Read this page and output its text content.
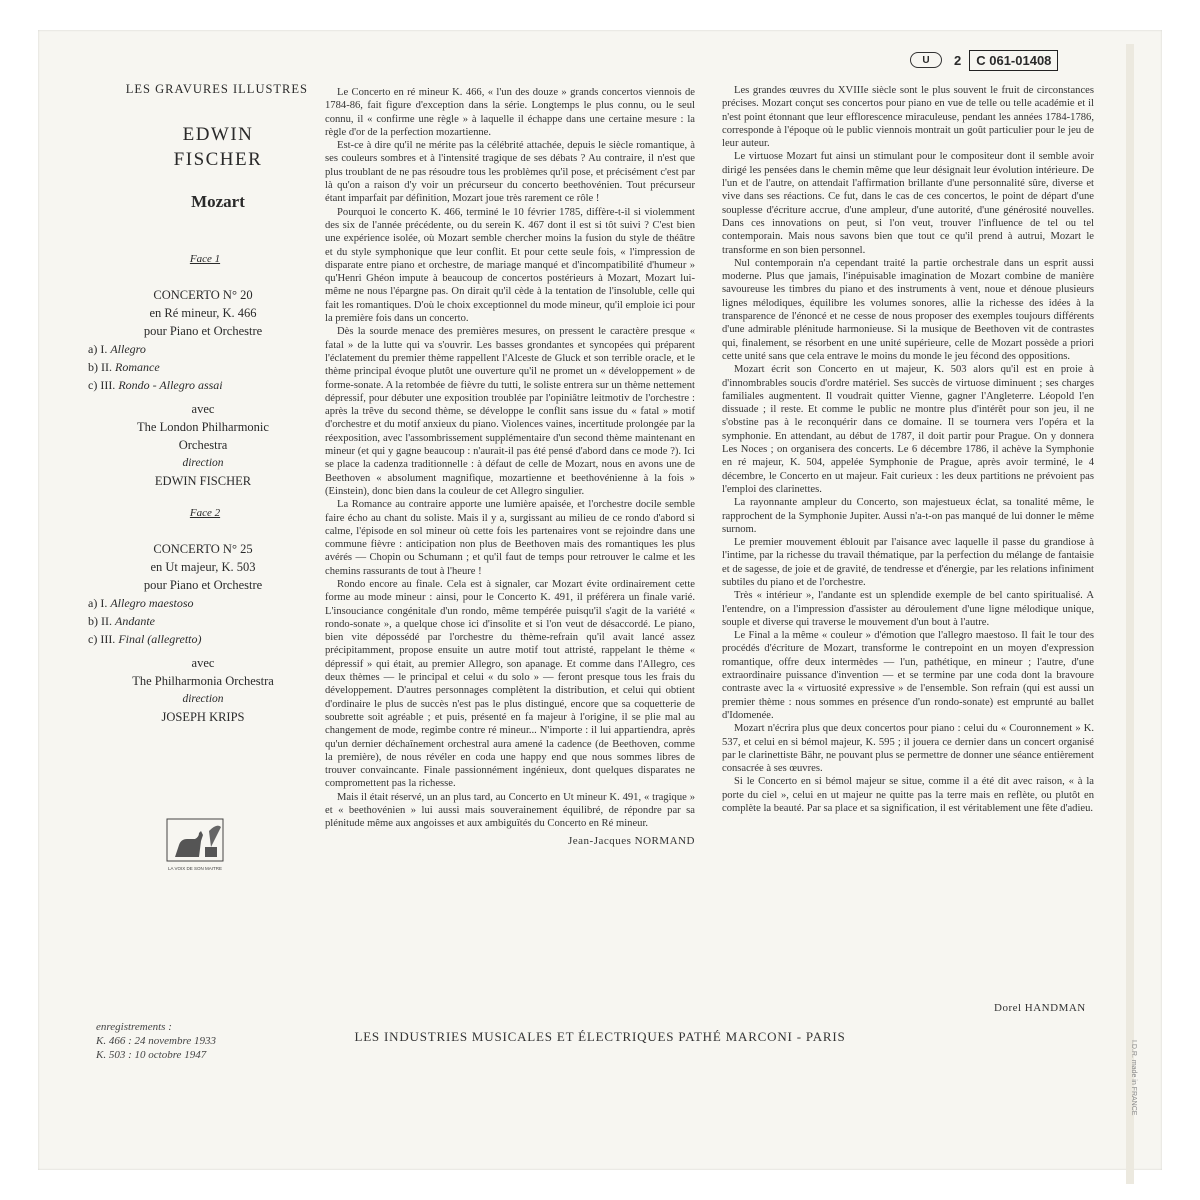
I.D.R. made in FRANCE
U	2	C 061-01408
LES GRAVURES ILLUSTRES
EDWIN
FISCHER
Mozart
Face 1
CONCERTO N° 20
en Ré mineur, K. 466
pour Piano et Orchestre

a) I. Allegro

b) II. Romance

c) III. Rondo - Allegro assai

avec
The London Philharmonic
Orchestra
direction
EDWIN FISCHER
Face 2
CONCERTO N° 25
en Ut majeur, K. 503
pour Piano et Orchestre

a) I. Allegro maestoso

b) II. Andante

c) III. Final (allegretto)

avec
The Philharmonia Orchestra
direction
JOSEPH KRIPS
LA VOIX DE SON MAITRE
enregistrements :
K. 466 : 24 novembre 1933
K. 503 : 10 octobre 1947

Le Concerto en ré mineur K. 466, « l'un des douze » grands concertos viennois de 1784-86, fait figure d'exception dans la série. Longtemps le plus connu, ou le seul connu, il « confirme une règle » à laquelle il échappe dans une certaine mesure : la règle d'or de la perfection mozartienne.

Est-ce à dire qu'il ne mérite pas la célébrité attachée, depuis le siècle romantique, à ses couleurs sombres et à l'intensité tragique de ses débats ? Au contraire, il n'est que plus troublant de ne pas résoudre tous les problèmes qu'il pose, et précisément c'est par là qu'on a raison d'y voir un précurseur du concerto beethovénien. Tout précurseur étant imparfait par définition, Mozart joue très rarement ce rôle !

Pourquoi le concerto K. 466, terminé le 10 février 1785, diffère-t-il si violemment des six de l'année précédente, ou du serein K. 467 dont il est si tôt suivi ? C'est bien une expérience isolée, où Mozart semble chercher moins la fusion du style de théâtre et du style symphonique que leur conflit. Et pour cette seule fois, « l'impression de disparate entre piano et orchestre, de mariage manqué et d'incompatibilité d'humeur » qu'Henri Ghéon impute à beaucoup de concertos postérieurs à Mozart, Mozart lui-même ne nous l'épargne pas. On dirait qu'il cède à la tentation de l'insoluble, celle qui fait les romantiques. D'où le choix exceptionnel du mode mineur, qu'il emploie ici pour la première fois dans un concerto.

Dès la sourde menace des premières mesures, on pressent le caractère presque « fatal » de la lutte qui va s'ouvrir. Les basses grondantes et syncopées qui préparent l'éclatement du premier thème rappellent l'Alceste de Gluck et son terrible oracle, et le thème principal évoque plutôt une ouverture qu'il ne promet un « développement » de forme-sonate. A la retombée de fièvre du tutti, le soliste entrera sur un thème nettement dépressif, pour débuter une exposition troublée par l'opiniâtre leitmotiv de l'orchestre : après la trêve du second thème, se développe le conflit sans issue du « fatal » motif d'orchestre et du motif anxieux du piano. Violences vaines, incertitude prolongée par la réexposition, avec l'assombrissement supplémentaire d'un second thème maintenant en mineur (et qui y gagne beaucoup : n'aurait-il pas été pensé d'abord dans ce mode ?). Ici se place la cadenza traditionnelle : à défaut de celle de Mozart, nous en avons une de Beethoven « absolument magnifique, mozartienne et beethovénienne à la fois » (Einstein), donc bien dans la couleur de cet Allegro singulier.

La Romance au contraire apporte une lumière apaisée, et l'orchestre docile semble faire écho au chant du soliste. Mais il y a, surgissant au milieu de ce rondo d'abord si calme, l'épisode en sol mineur où cette fois les partenaires vont se rejoindre dans une commune fièvre : anticipation non plus de Beethoven mais des romantiques les plus avérés — Chopin ou Schumann ; et qu'il faut de temps pour retrouver le calme et les chemins rassurants de tout à l'heure !

Rondo encore au finale. Cela est à signaler, car Mozart évite ordinairement cette forme au mode mineur : ainsi, pour le Concerto K. 491, il préférera un finale varié. L'insouciance congénitale d'un rondo, même tempérée puisqu'il s'agit de la variété « rondo-sonate », a quelque chose ici d'insolite et si l'on veut de désaccordé. Le piano, bien vite dépossédé par l'orchestre du thème-refrain qu'il avait lancé assez précipitamment, propose ensuite un autre motif tout attristé, rappelant le thème « dépressif » qui était, au premier Allegro, son apanage. Et comme dans l'Allegro, ces deux thèmes — le principal et celui « du solo » — feront presque tous les frais du développement. D'autres personnages complètent la distribution, et celui qui obtient d'ordinaire le plus de succès n'est pas le plus distingué, encore que sa coquetterie de soubrette soit agréable ; et puis, présenté en fa majeur à l'origine, il se plie mal au changement de mode, regimbe contre ré mineur... N'importe : il lui appartiendra, après qu'un dernier déchaînement orchestral aura amené la cadence (de Beethoven, comme la première), de nous révéler en coda une happy end que nous sommes libres de trouver convaincante. Finale passionnément ingénieux, dont quelques disparates ne compromettent pas la richesse.

Mais il était réservé, un an plus tard, au Concerto en Ut mineur K. 491, « tragique » et « beethovénien » lui aussi mais souverainement équilibré, de répondre par sa plénitude même aux angoisses et aux ambiguïtés du Concerto en Ré mineur.

Jean-Jacques NORMAND

Les grandes œuvres du XVIIIe siècle sont le plus souvent le fruit de circonstances précises. Mozart conçut ses concertos pour piano en vue de telle ou telle académie et il n'est point étonnant que leur efflorescence miraculeuse, pendant les années 1784-1786, corresponde à l'époque où le public viennois montrait un goût particulier pour le jeu de leur auteur.

Le virtuose Mozart fut ainsi un stimulant pour le compositeur dont il semble avoir dirigé les pensées dans le chemin même que leur désignait leur évolution intérieure. De l'un et de l'autre, on attendait l'affirmation brillante d'une personnalité sûre, diverse et vive dans ses réactions. Ce fut, dans le cas de ces concertos, le point de départ d'une souplesse d'écriture accrue, d'une ampleur, d'une autorité, d'une générosité nouvelles. Dans ces innovations on peut, si l'on veut, trouver l'influence de tel ou tel contemporain. Mais nous savons bien que tout ce qu'il prend à autrui, Mozart le transforme en son bien personnel.

Nul contemporain n'a cependant traité la partie orchestrale dans un esprit aussi moderne. Plus que jamais, l'inépuisable imagination de Mozart combine de manière savoureuse les timbres du piano et des instruments à vent, noue et dénoue plusieurs lignes mélodiques, équilibre les volumes sonores, allie la richesse des idées à la transparence de l'énoncé et ne cesse de nous proposer des exemples toujours différents d'une admirable plénitude harmonieuse. Si la musique de Beethoven vit de contrastes qui, finalement, se résorbent en une unité supérieure, celle de Mozart possède a priori cette unité sans que cela entrave le moins du monde le jeu fécond des oppositions.

Mozart écrit son Concerto en ut majeur, K. 503 alors qu'il est en proie à d'innombrables soucis d'ordre matériel. Ses succès de virtuose diminuent ; ses charges familiales augmentent. Il voudrait quitter Vienne, gagner l'Angleterre. Léopold l'en dissuade ; il reste. Et comme le public ne montre plus d'intérêt pour son jeu, il ne s'obstine pas à le reconquérir dans ce domaine. Il se tournera vers l'opéra et la symphonie. En attendant, au début de 1787, il doit partir pour Prague. On y donnera Les Noces ; on organisera des concerts. Le 6 décembre 1786, il achève la Symphonie en ré majeur, K. 504, appelée Symphonie de Prague, après avoir terminé, le 4 décembre, le Concerto en ut majeur. Fait curieux : les deux partitions ne prévoient pas l'emploi des clarinettes.

La rayonnante ampleur du Concerto, son majestueux éclat, sa tonalité même, le rapprochent de la Symphonie Jupiter. Aussi n'a-t-on pas manqué de lui donner le même surnom.

Le premier mouvement éblouit par l'aisance avec laquelle il passe du grandiose à l'intime, par la richesse du travail thématique, par la perfection du mélange de fantaisie et de sagesse, de joie et de gravité, de tendresse et d'énergie, par les relations infiniment subtiles du piano et de l'orchestre.

Très « intérieur », l'andante est un splendide exemple de bel canto spiritualisé. A l'entendre, on a l'impression d'assister au déroulement d'une ligne mélodique unique, souple et diverse qui traverse le mouvement d'un bout à l'autre.

Le Final a la même « couleur » d'émotion que l'allegro maestoso. Il fait le tour des procédés d'écriture de Mozart, transforme le contrepoint en un moyen d'expression romantique, offre deux intermèdes — l'un, pathétique, en mineur ; l'autre, d'une extraordinaire puissance d'invention — et se termine par une coda dont la bravoure contraste avec la « virtuosité expressive » de l'ensemble. Son refrain (qui est aussi un premier thème : nous sommes en présence d'un rondo-sonate) est emprunté au ballet d'Idomenée.

Mozart n'écrira plus que deux concertos pour piano : celui du « Couronnement » K. 537, et celui en si bémol majeur, K. 595 ; il jouera ce dernier dans un concert organisé par le clarinettiste Bähr, ne pouvant plus se permettre de donner une séance entièrement consacrée à ses œuvres.

Si le Concerto en si bémol majeur se situe, comme il a été dit avec raison, « à la porte du ciel », celui en ut majeur ne quitte pas la terre mais en reflète, ou plutôt en complète la beauté. Par sa place et sa signification, il est véritablement une fête d'adieu.

Dorel HANDMAN
LES INDUSTRIES MUSICALES ET ÉLECTRIQUES PATHÉ MARCONI - PARIS
